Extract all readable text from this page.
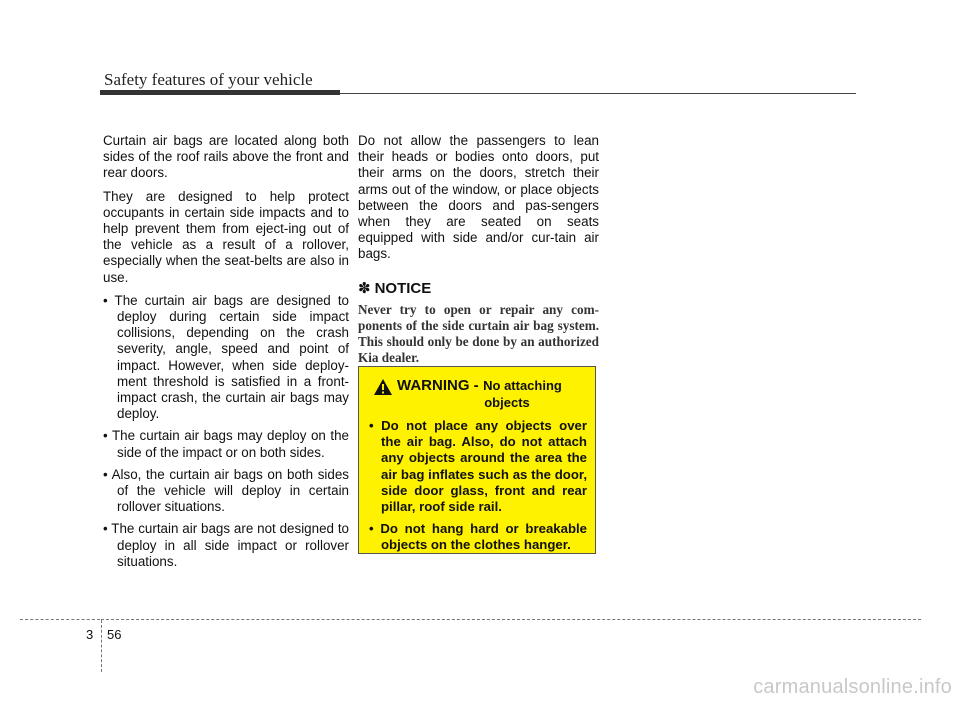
Safety features of your vehicle

Curtain air bags are located along both sides of the roof rails above the front and rear doors.

They are designed to help protect occupants in certain side impacts and to help prevent them from eject-ing out of the vehicle as a result of a rollover, especially when the seat-belts are also in use.

• The curtain air bags are designed to deploy during certain side impact collisions, depending on the crash severity, angle, speed and point of impact. However, when side deploy-ment threshold is satisfied in a front-impact crash, the curtain air bags may deploy.

• The curtain air bags may deploy on the side of the impact or on both sides.

• Also, the curtain air bags on both sides of the vehicle will deploy in certain rollover situations.

• The curtain air bags are not designed to deploy in all side impact or rollover situations.

Do not allow the passengers to lean their heads or bodies onto doors, put their arms on the doors, stretch their arms out of the window, or place objects between the doors and pas-sengers when they are seated on seats equipped with side and/or cur-tain air bags.

✽ NOTICE

Never try to open or repair any com-ponents of the side curtain air bag system. This should only be done by an authorized Kia dealer.

WARNING - No attaching
objects

• Do not place any objects over the air bag. Also, do not attach any objects around the area the air bag inflates such as the door, side door glass, front and rear pillar, roof side rail.

• Do not hang hard or breakable objects on the clothes hanger.

3 56
carmanualsonline.info
